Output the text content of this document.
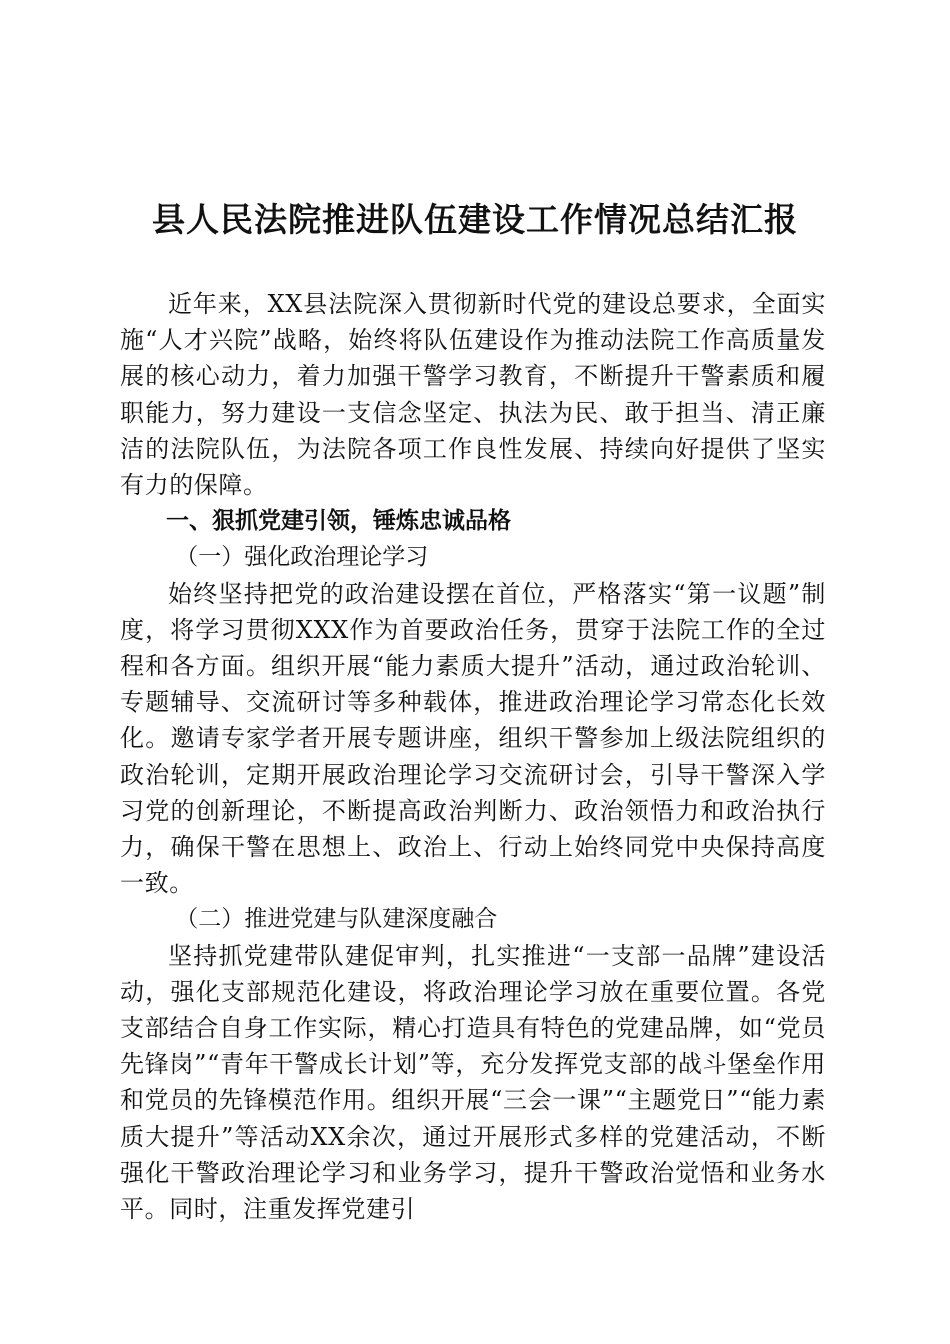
县人民法院推进队伍建设工作情况总结汇报

近年来，XX县法院深入贯彻新时代党的建设总要求，全面实施“人才兴院”战略，始终将队伍建设作为推动法院工作高质量发展的核心动力，着力加强干警学习教育，不断提升干警素质和履职能力，努力建设一支信念坚定、执法为民、敢于担当、清正廉洁的法院队伍，为法院各项工作良性发展、持续向好提供了坚实有力的保障。

一、狠抓党建引领，锤炼忠诚品格

（一）强化政治理论学习

始终坚持把党的政治建设摆在首位，严格落实“第一议题”制度，将学习贯彻XXX作为首要政治任务，贯穿于法院工作的全过程和各方面。组织开展“能力素质大提升”活动，通过政治轮训、专题辅导、交流研讨等多种载体，推进政治理论学习常态化长效化。邀请专家学者开展专题讲座，组织干警参加上级法院组织的政治轮训，定期开展政治理论学习交流研讨会，引导干警深入学习党的创新理论，不断提高政治判断力、政治领悟力和政治执行力，确保干警在思想上、政治上、行动上始终同党中央保持高度一致。

（二）推进党建与队建深度融合

坚持抓党建带队建促审判，扎实推进“一支部一品牌”建设活动，强化支部规范化建设，将政治理论学习放在重要位置。各党支部结合自身工作实际，精心打造具有特色的党建品牌，如“党员先锋岗”“青年干警成长计划”等，充分发挥党支部的战斗堡垒作用和党员的先锋模范作用。组织开展“三会一课”“主题党日”“能力素质大提升”等活动XX余次，通过开展形式多样的党建活动，不断强化干警政治理论学习和业务学习，提升干警政治觉悟和业务水平。同时，注重发挥党建引
